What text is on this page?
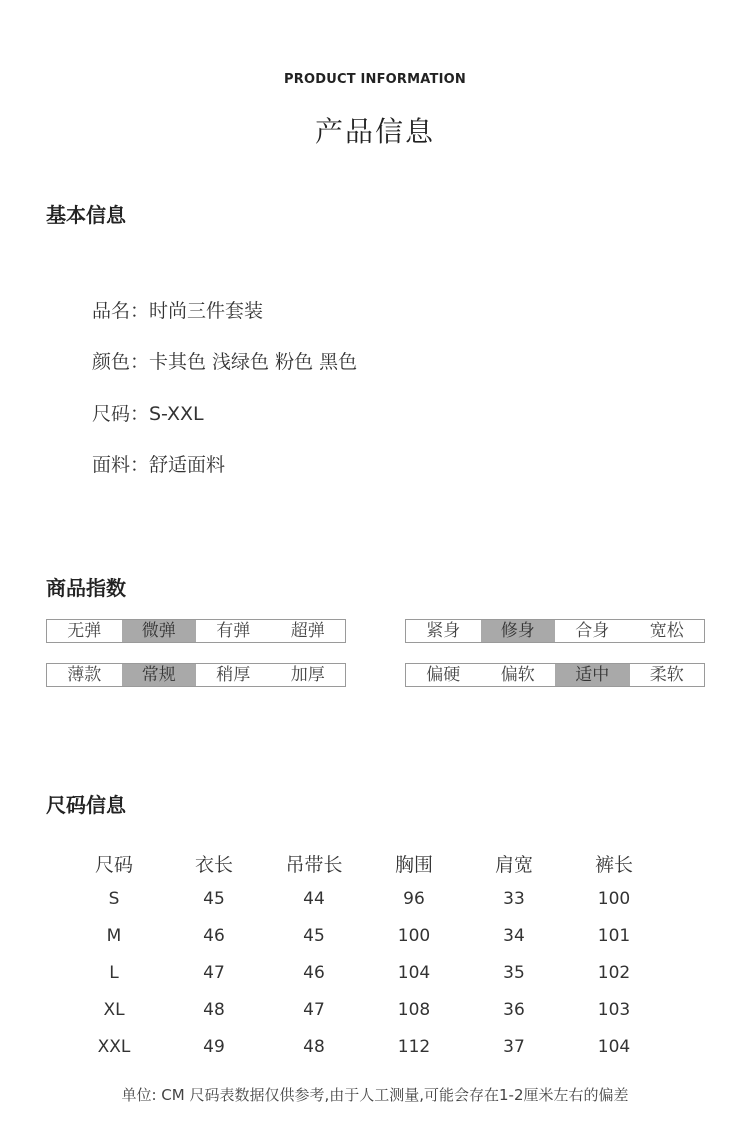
PRODUCT INFORMATION
产品信息
基本信息
品名：时尚三件套装
颜色：卡其色 浅绿色 粉色 黑色
尺码：S-XXL
面料：舒适面料
商品指数
无弹	微弹	有弹	超弹	紧身	修身	合身	宽松
薄款	常规	稍厚	加厚	偏硬	偏软	适中	柔软
尺码信息
尺码	衣长	吊带长	胸围	肩宽	裤长
S	45	44	96	33	100
M	46	45	100	34	101
L	47	46	104	35	102
XL	48	47	108	36	103
XXL	49	48	112	37	104
单位: CM 尺码表数据仅供参考,由于人工测量,可能会存在1-2厘米左右的偏差
